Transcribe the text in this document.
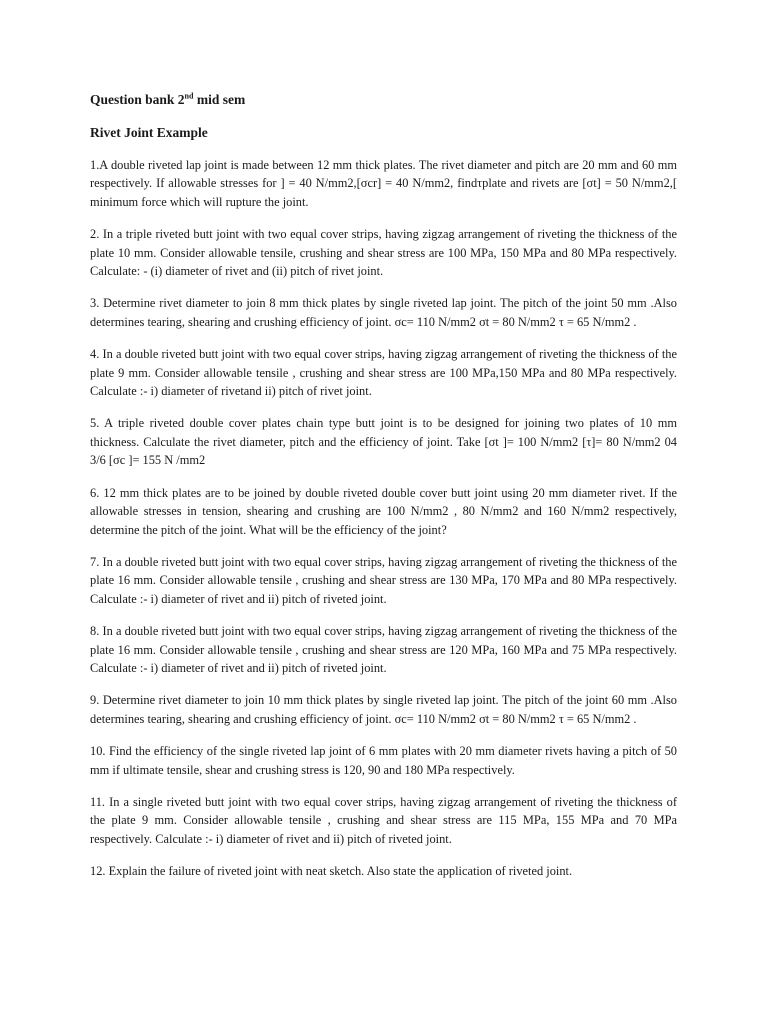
Question bank 2nd mid sem

Rivet Joint Example

1.A double riveted lap joint is made between 12 mm thick plates. The rivet diameter and pitch are 20 mm and 60 mm respectively. If allowable stresses for ] = 40 N/mm2,[σcr] = 40 N/mm2, findτplate and rivets are [σt] = 50 N/mm2,[ minimum force which will rupture the joint.

2. In a triple riveted butt joint with two equal cover strips, having zigzag arrangement of riveting the thickness of the plate 10 mm. Consider allowable tensile, crushing and shear stress are 100 MPa, 150 MPa and 80 MPa respectively. Calculate: - (i) diameter of rivet and (ii) pitch of rivet joint.

3. Determine rivet diameter to join 8 mm thick plates by single riveted lap joint. The pitch of the joint 50 mm .Also determines tearing, shearing and crushing efficiency of joint. σc= 110 N/mm2 σt = 80 N/mm2 τ = 65 N/mm2 .

4. In a double riveted butt joint with two equal cover strips, having zigzag arrangement of riveting the thickness of the plate 9 mm. Consider allowable tensile , crushing and shear stress are 100 MPa,150 MPa and 80 MPa respectively. Calculate :- i) diameter of rivetand ii) pitch of rivet joint.

5. A triple riveted double cover plates chain type butt joint is to be designed for joining two plates of 10 mm thickness. Calculate the rivet diameter, pitch and the efficiency of joint. Take [σt ]= 100 N/mm2 [τ]= 80 N/mm2 04 3/6 [σc ]= 155 N /mm2

6. 12 mm thick plates are to be joined by double riveted double cover butt joint using 20 mm diameter rivet. If the allowable stresses in tension, shearing and crushing are 100 N/mm2 , 80 N/mm2 and 160 N/mm2 respectively, determine the pitch of the joint. What will be the efficiency of the joint?

7. In a double riveted butt joint with two equal cover strips, having zigzag arrangement of riveting the thickness of the plate 16 mm. Consider allowable tensile , crushing and shear stress are 130 MPa, 170 MPa and 80 MPa respectively. Calculate :- i) diameter of rivet and ii) pitch of riveted joint.

8. In a double riveted butt joint with two equal cover strips, having zigzag arrangement of riveting the thickness of the plate 16 mm. Consider allowable tensile , crushing and shear stress are 120 MPa, 160 MPa and 75 MPa respectively. Calculate :- i) diameter of rivet and ii) pitch of riveted joint.

9. Determine rivet diameter to join 10 mm thick plates by single riveted lap joint. The pitch of the joint 60 mm .Also determines tearing, shearing and crushing efficiency of joint. σc= 110 N/mm2 σt = 80 N/mm2 τ = 65 N/mm2 .

10. Find the efficiency of the single riveted lap joint of 6 mm plates with 20 mm diameter rivets having a pitch of 50 mm if ultimate tensile, shear and crushing stress is 120, 90 and 180 MPa respectively.

11. In a single riveted butt joint with two equal cover strips, having zigzag arrangement of riveting the thickness of the plate 9 mm. Consider allowable tensile , crushing and shear stress are 115 MPa, 155 MPa and 70 MPa respectively. Calculate :- i) diameter of rivet and ii) pitch of riveted joint.

12. Explain the failure of riveted joint with neat sketch. Also state the application of riveted joint.
